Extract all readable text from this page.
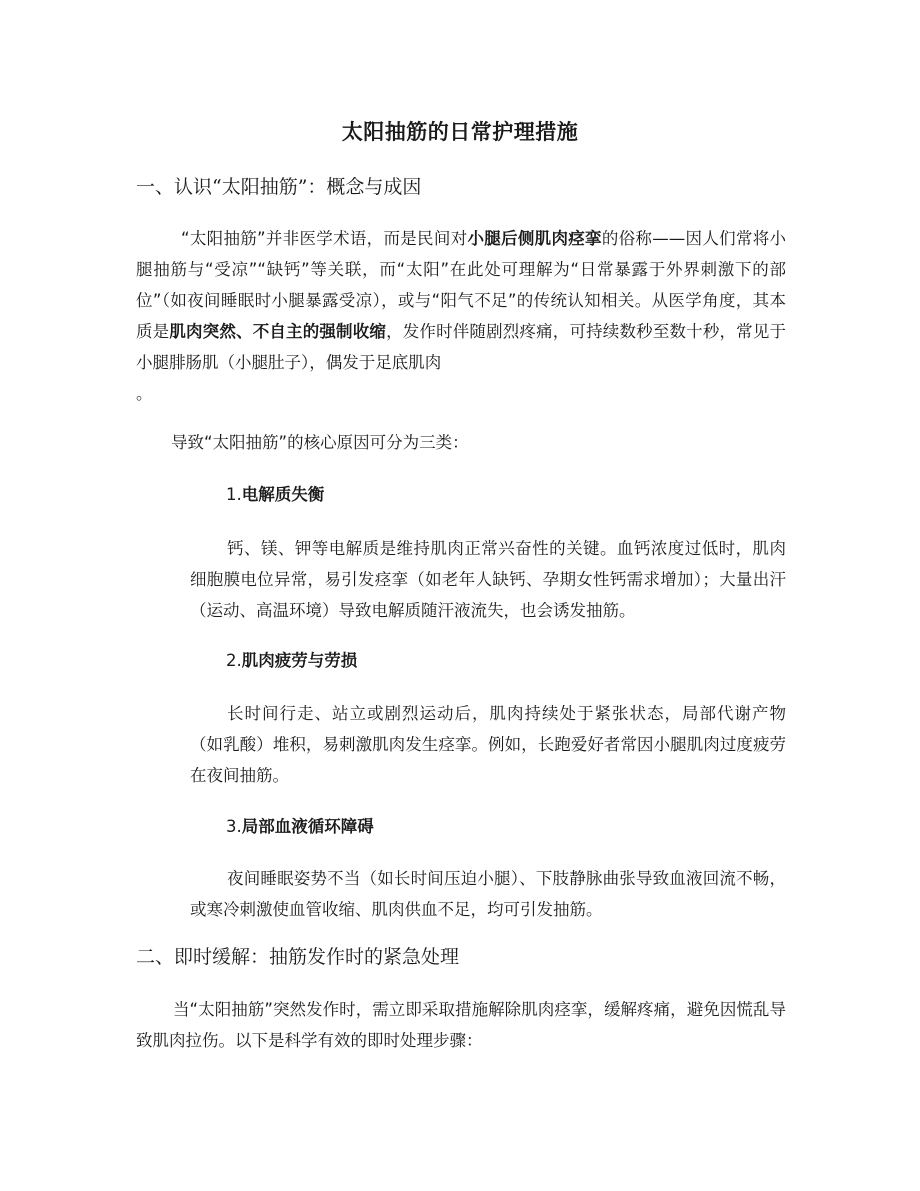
太阳抽筋的日常护理措施
一、认识“太阳抽筋”：概念与成因

“太阳抽筋”并非医学术语，而是民间对小腿后侧肌肉痉挛的俗称——因人们常将小腿抽筋与“受凉”“缺钙”等关联，而“太阳”在此处可理解为“日常暴露于外界刺激下的部位”（如夜间睡眠时小腿暴露受凉），或与“阳气不足”的传统认知相关。从医学角度，其本质是肌肉突然、不自主的强制收缩，发作时伴随剧烈疼痛，可持续数秒至数十秒，常见于小腿腓肠肌（小腿肚子），偶发于足底肌肉
。

导致“太阳抽筋”的核心原因可分为三类：

1.电解质失衡

钙、镁、钾等电解质是维持肌肉正常兴奋性的关键。血钙浓度过低时，肌肉细胞膜电位异常，易引发痉挛（如老年人缺钙、孕期女性钙需求增加）；大量出汗（运动、高温环境）导致电解质随汗液流失，也会诱发抽筋。

2.肌肉疲劳与劳损

长时间行走、站立或剧烈运动后，肌肉持续处于紧张状态，局部代谢产物（如乳酸）堆积，易刺激肌肉发生痉挛。例如，长跑爱好者常因小腿肌肉过度疲劳在夜间抽筋。

3.局部血液循环障碍

夜间睡眠姿势不当（如长时间压迫小腿）、下肢静脉曲张导致血液回流不畅，或寒冷刺激使血管收缩、肌肉供血不足，均可引发抽筋。

二、即时缓解：抽筋发作时的紧急处理

当“太阳抽筋”突然发作时，需立即采取措施解除肌肉痉挛，缓解疼痛，避免因慌乱导致肌肉拉伤。以下是科学有效的即时处理步骤：
